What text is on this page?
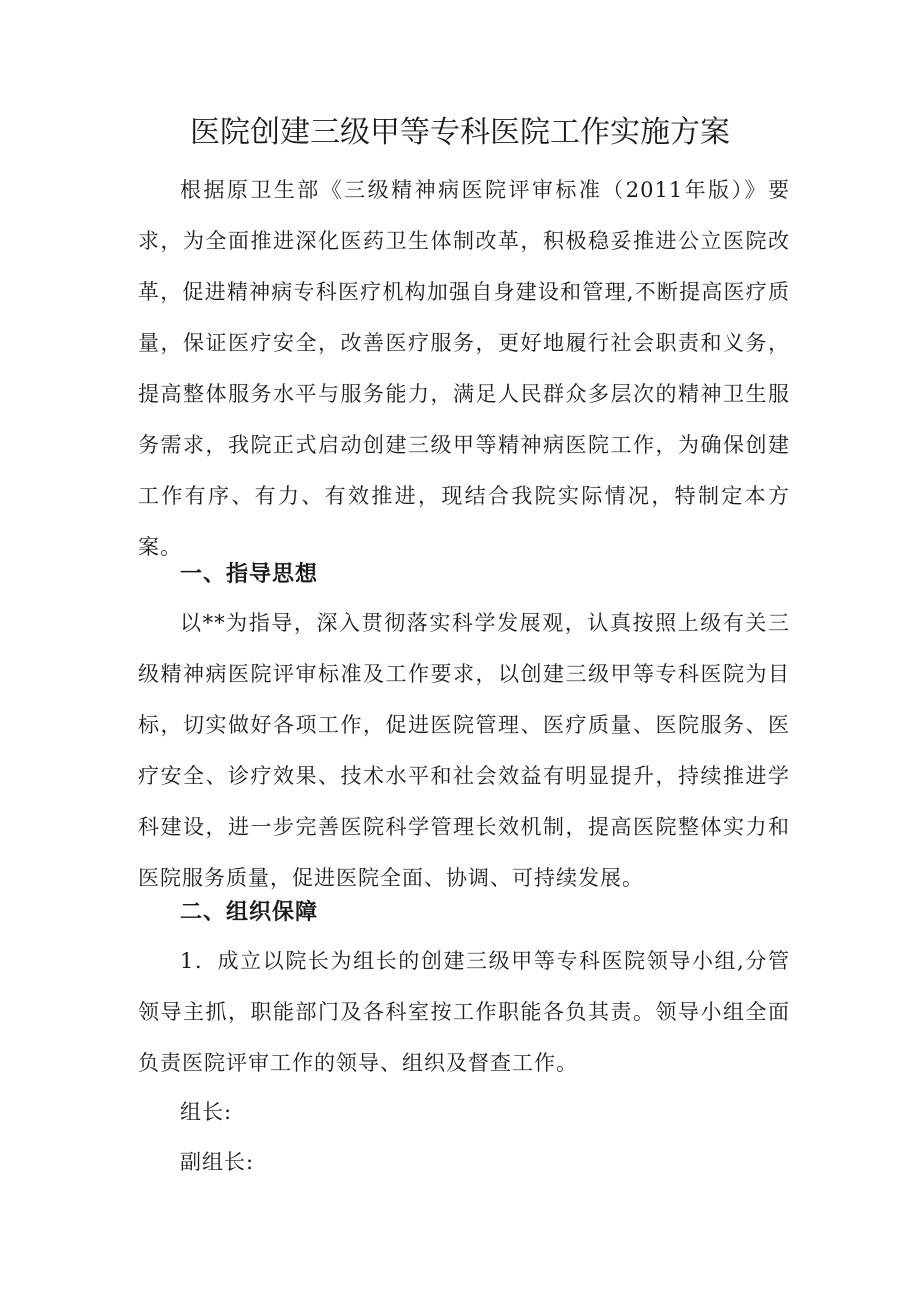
医院创建三级甲等专科医院工作实施方案

根据原卫生部《三级精神病医院评审标准（2011年版）》要求，为全面推进深化医药卫生体制改革，积极稳妥推进公立医院改革，促进精神病专科医疗机构加强自身建设和管理,不断提高医疗质量，保证医疗安全，改善医疗服务，更好地履行社会职责和义务，提高整体服务水平与服务能力，满足人民群众多层次的精神卫生服务需求，我院正式启动创建三级甲等精神病医院工作，为确保创建工作有序、有力、有效推进，现结合我院实际情况，特制定本方案。

一、指导思想

以**为指导，深入贯彻落实科学发展观，认真按照上级有关三级精神病医院评审标准及工作要求，以创建三级甲等专科医院为目标，切实做好各项工作，促进医院管理、医疗质量、医院服务、医疗安全、诊疗效果、技术水平和社会效益有明显提升，持续推进学科建设，进一步完善医院科学管理长效机制，提高医院整体实力和医院服务质量，促进医院全面、协调、可持续发展。

二、组织保障

1．成立以院长为组长的创建三级甲等专科医院领导小组,分管领导主抓，职能部门及各科室按工作职能各负其责。领导小组全面负责医院评审工作的领导、组织及督查工作。

组长:

副组长:
